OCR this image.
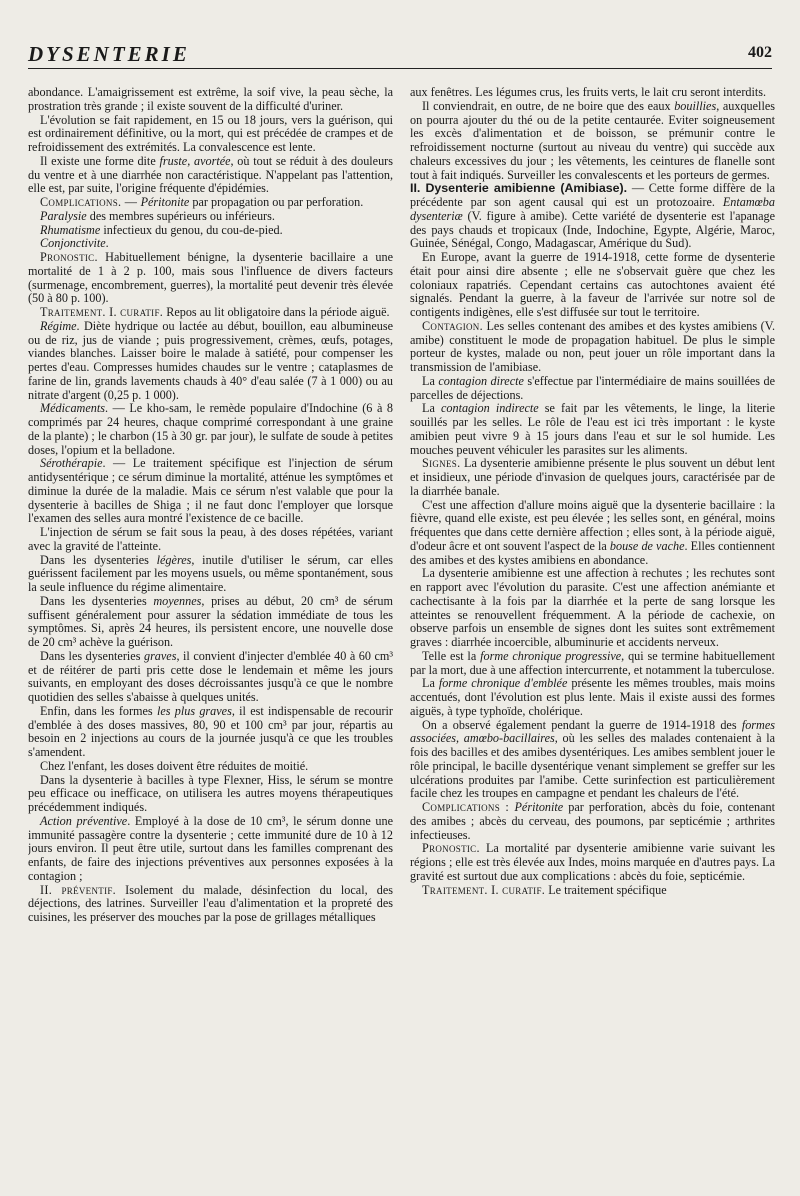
DYSENTERIE	402

abondance. L'amaigrissement est extrême, la soif vive, la peau sèche, la prostration très grande ; il existe souvent de la difficulté d'uriner.

L'évolution se fait rapidement, en 15 ou 18 jours, vers la guérison, qui est ordinairement définitive, ou la mort, qui est précédée de crampes et de refroidissement des extrémités. La convalescence est lente.

Il existe une forme dite fruste, avortée, où tout se réduit à des douleurs du ventre et à une diarrhée non caractéristique. N'appelant pas l'attention, elle est, par suite, l'origine fréquente d'épidémies.

Complications. — Péritonite par propagation ou par perforation.

Paralysie des membres supérieurs ou inférieurs.

Rhumatisme infectieux du genou, du cou-de-pied.

Conjonctivite.

Pronostic. Habituellement bénigne, la dysenterie bacillaire a une mortalité de 1 à 2 p. 100, mais sous l'influence de divers facteurs (surmenage, encombrement, guerres), la mortalité peut devenir très élevée (50 à 80 p. 100).

Traitement. I. curatif. Repos au lit obligatoire dans la période aiguë.

Régime. Diète hydrique ou lactée au début, bouillon, eau albumineuse ou de riz, jus de viande ; puis progressivement, crèmes, œufs, potages, viandes blanches. Laisser boire le malade à satiété, pour compenser les pertes d'eau. Compresses humides chaudes sur le ventre ; cataplasmes de farine de lin, grands lavements chauds à 40° d'eau salée (7 à 1 000) ou au nitrate d'argent (0,25 p. 1 000).

Médicaments. — Le kho-sam, le remède populaire d'Indochine (6 à 8 comprimés par 24 heures, chaque comprimé correspondant à une graine de la plante) ; le charbon (15 à 30 gr. par jour), le sulfate de soude à petites doses, l'opium et la belladone.

Sérothérapie. — Le traitement spécifique est l'injection de sérum antidysentérique ; ce sérum diminue la mortalité, atténue les symptômes et diminue la durée de la maladie. Mais ce sérum n'est valable que pour la dysenterie à bacilles de Shiga ; il ne faut donc l'employer que lorsque l'examen des selles aura montré l'existence de ce bacille.

L'injection de sérum se fait sous la peau, à des doses répétées, variant avec la gravité de l'atteinte.

Dans les dysenteries légères, inutile d'utiliser le sérum, car elles guérissent facilement par les moyens usuels, ou même spontanément, sous la seule influence du régime alimentaire.

Dans les dysenteries moyennes, prises au début, 20 cm³ de sérum suffisent généralement pour assurer la sédation immédiate de tous les symptômes. Si, après 24 heures, ils persistent encore, une nouvelle dose de 20 cm³ achève la guérison.

Dans les dysenteries graves, il convient d'injecter d'emblée 40 à 60 cm³ et de réitérer de parti pris cette dose le lendemain et même les jours suivants, en employant des doses décroissantes jusqu'à ce que le nombre quotidien des selles s'abaisse à quelques unités.

Enfin, dans les formes les plus graves, il est indispensable de recourir d'emblée à des doses massives, 80, 90 et 100 cm³ par jour, répartis au besoin en 2 injections au cours de la journée jusqu'à ce que les troubles s'amendent.

Chez l'enfant, les doses doivent être réduites de moitié.

Dans la dysenterie à bacilles à type Flexner, Hiss, le sérum se montre peu efficace ou inefficace, on utilisera les autres moyens thérapeutiques précédemment indiqués.

Action préventive. Employé à la dose de 10 cm³, le sérum donne une immunité passagère contre la dysenterie ; cette immunité dure de 10 à 12 jours environ. Il peut être utile, surtout dans les familles comprenant des enfants, de faire des injections préventives aux personnes exposées à la contagion ;

II. préventif. Isolement du malade, désinfection du local, des déjections, des latrines. Surveiller l'eau d'alimentation et la propreté des cuisines, les préserver des mouches par la pose de grillages métalliques

aux fenêtres. Les légumes crus, les fruits verts, le lait cru seront interdits.

Il conviendrait, en outre, de ne boire que des eaux bouillies, auxquelles on pourra ajouter du thé ou de la petite centaurée. Eviter soigneusement les excès d'alimentation et de boisson, se prémunir contre le refroidissement nocturne (surtout au niveau du ventre) qui succède aux chaleurs excessives du jour ; les vêtements, les ceintures de flanelle sont tout à fait indiqués. Surveiller les convalescents et les porteurs de germes.

II. Dysenterie amibienne (Amibiase). — Cette forme diffère de la précédente par son agent causal qui est un protozoaire. Entamœba dysenteriæ (V. figure à amibe). Cette variété de dysenterie est l'apanage des pays chauds et tropicaux (Inde, Indochine, Egypte, Algérie, Maroc, Guinée, Sénégal, Congo, Madagascar, Amérique du Sud).

En Europe, avant la guerre de 1914-1918, cette forme de dysenterie était pour ainsi dire absente ; elle ne s'observait guère que chez les coloniaux rapatriés. Cependant certains cas autochtones avaient été signalés. Pendant la guerre, à la faveur de l'arrivée sur notre sol de contigents indigènes, elle s'est diffusée sur tout le territoire.

Contagion. Les selles contenant des amibes et des kystes amibiens (V. amibe) constituent le mode de propagation habituel. De plus le simple porteur de kystes, malade ou non, peut jouer un rôle important dans la transmission de l'amibiase.

La contagion directe s'effectue par l'intermédiaire de mains souillées de parcelles de déjections.

La contagion indirecte se fait par les vêtements, le linge, la literie souillés par les selles. Le rôle de l'eau est ici très important : le kyste amibien peut vivre 9 à 15 jours dans l'eau et sur le sol humide. Les mouches peuvent véhiculer les parasites sur les aliments.

Signes. La dysenterie amibienne présente le plus souvent un début lent et insidieux, une période d'invasion de quelques jours, caractérisée par de la diarrhée banale.

C'est une affection d'allure moins aiguë que la dysenterie bacillaire : la fièvre, quand elle existe, est peu élevée ; les selles sont, en général, moins fréquentes que dans cette dernière affection ; elles sont, à la période aiguë, d'odeur âcre et ont souvent l'aspect de la bouse de vache. Elles contiennent des amibes et des kystes amibiens en abondance.

La dysenterie amibienne est une affection à rechutes ; les rechutes sont en rapport avec l'évolution du parasite. C'est une affection anémiante et cachectisante à la fois par la diarrhée et la perte de sang lorsque les atteintes se renouvellent fréquemment. A la période de cachexie, on observe parfois un ensemble de signes dont les suites sont extrêmement graves : diarrhée incoercible, albuminurie et accidents nerveux.

Telle est la forme chronique progressive, qui se termine habituellement par la mort, due à une affection intercurrente, et notamment la tuberculose.

La forme chronique d'emblée présente les mêmes troubles, mais moins accentués, dont l'évolution est plus lente. Mais il existe aussi des formes aiguës, à type typhoïde, cholérique.

On a observé également pendant la guerre de 1914-1918 des formes associées, amœbo-bacillaires, où les selles des malades contenaient à la fois des bacilles et des amibes dysentériques. Les amibes semblent jouer le rôle principal, le bacille dysentérique venant simplement se greffer sur les ulcérations produites par l'amibe. Cette surinfection est particulièrement facile chez les troupes en campagne et pendant les chaleurs de l'été.

Complications : Péritonite par perforation, abcès du foie, contenant des amibes ; abcès du cerveau, des poumons, par septicémie ; arthrites infectieuses.

Pronostic. La mortalité par dysenterie amibienne varie suivant les régions ; elle est très élevée aux Indes, moins marquée en d'autres pays. La gravité est surtout due aux complications : abcès du foie, septicémie.

Traitement. I. curatif. Le traitement spécifique
